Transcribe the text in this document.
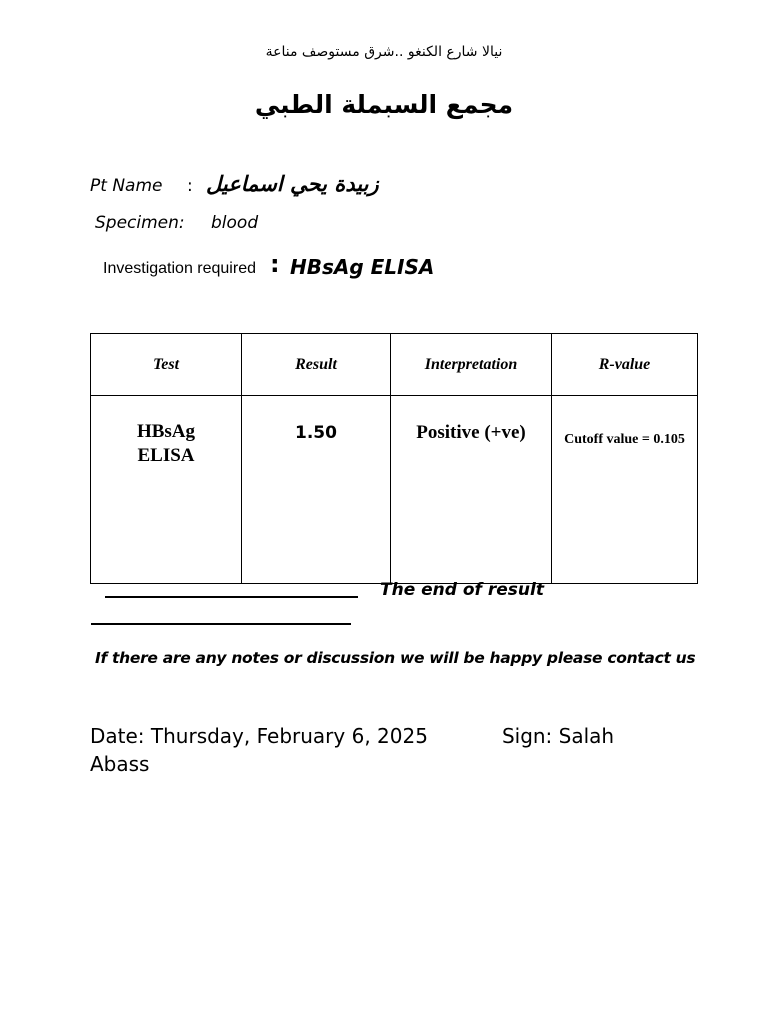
نيالا شارع الكنغو ..شرق مستوصف مناعة
مجمع السبملة الطبي
Pt Name : زبيدة يحي اسماعيل
Specimen: blood
Investigation required : HBsAg ELISA
Test	Result	Interpretation	R-value

HBsAg
ELISA	1.50	Positive (+ve)	Cutoff value = 0.105
The end of result
If there are any notes or discussion we will be happy please contact us
Date: Thursday, February 6, 2025	Sign: Salah Abass
